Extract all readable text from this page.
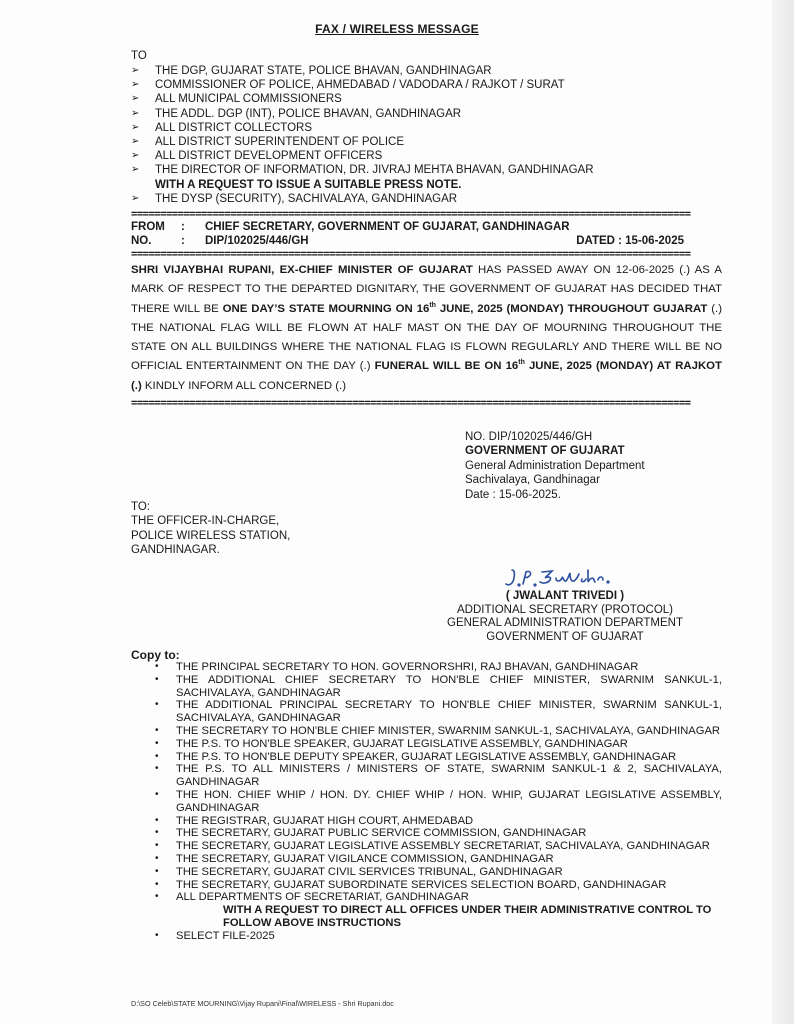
FAX / WIRELESS MESSAGE
TO
➢ THE DGP, GUJARAT STATE, POLICE BHAVAN, GANDHINAGAR
➢ COMMISSIONER OF POLICE, AHMEDABAD / VADODARA / RAJKOT / SURAT
➢ ALL MUNICIPAL COMMISSIONERS
➢ THE ADDL. DGP (INT), POLICE BHAVAN, GANDHINAGAR
➢ ALL DISTRICT COLLECTORS
➢ ALL DISTRICT SUPERINTENDENT OF POLICE
➢ ALL DISTRICT DEVELOPMENT OFFICERS
➢ THE DIRECTOR OF INFORMATION, DR. JIVRAJ MEHTA BHAVAN, GANDHINAGAR
WITH A REQUEST TO ISSUE A SUITABLE PRESS NOTE.
➢ THE DYSP (SECURITY), SACHIVALAYA, GANDHINAGAR
================================================================================================
FROM : CHIEF SECRETARY, GOVERNMENT OF GUJARAT, GANDHINAGAR
NO.	: DIP/102025/446/GH	DATED : 15-06-2025
================================================================================================
SHRI VIJAYBHAI RUPANI, EX-CHIEF MINISTER OF GUJARAT HAS PASSED AWAY ON 12-06-2025 (.) AS A MARK OF RESPECT TO THE DEPARTED DIGNITARY, THE GOVERNMENT OF GUJARAT HAS DECIDED THAT THERE WILL BE ONE DAY’S STATE MOURNING ON 16th JUNE, 2025 (MONDAY) THROUGHOUT GUJARAT (.) THE NATIONAL FLAG WILL BE FLOWN AT HALF MAST ON THE DAY OF MOURNING THROUGHOUT THE STATE ON ALL BUILDINGS WHERE THE NATIONAL FLAG IS FLOWN REGULARLY AND THERE WILL BE NO OFFICIAL ENTERTAINMENT ON THE DAY (.) FUNERAL WILL BE ON 16th JUNE, 2025 (MONDAY) AT RAJKOT (.) KINDLY INFORM ALL CONCERNED (.)
================================================================================================
NO. DIP/102025/446/GH
GOVERNMENT OF GUJARAT
General Administration Department
Sachivalaya, Gandhinagar
Date : 15-06-2025.
TO:
THE OFFICER-IN-CHARGE,
POLICE WIRELESS STATION,
GANDHINAGAR.
( JWALANT TRIVEDI )
ADDITIONAL SECRETARY (PROTOCOL)
GENERAL ADMINISTRATION DEPARTMENT
GOVERNMENT OF GUJARAT
Copy to:
• THE PRINCIPAL SECRETARY TO HON. GOVERNORSHRI, RAJ BHAVAN, GANDHINAGAR
• THE ADDITIONAL CHIEF SECRETARY TO HON'BLE CHIEF MINISTER, SWARNIM SANKUL-1, SACHIVALAYA, GANDHINAGAR
• THE ADDITIONAL PRINCIPAL SECRETARY TO HON'BLE CHIEF MINISTER, SWARNIM SANKUL-1, SACHIVALAYA, GANDHINAGAR
• THE SECRETARY TO HON'BLE CHIEF MINISTER, SWARNIM SANKUL-1, SACHIVALAYA, GANDHINAGAR
• THE P.S. TO HON'BLE SPEAKER, GUJARAT LEGISLATIVE ASSEMBLY, GANDHINAGAR
• THE P.S. TO HON'BLE DEPUTY SPEAKER, GUJARAT LEGISLATIVE ASSEMBLY, GANDHINAGAR
• THE P.S. TO ALL MINISTERS / MINISTERS OF STATE, SWARNIM SANKUL-1 & 2, SACHIVALAYA, GANDHINAGAR
• THE HON. CHIEF WHIP / HON. DY. CHIEF WHIP / HON. WHIP, GUJARAT LEGISLATIVE ASSEMBLY, GANDHINAGAR
• THE REGISTRAR, GUJARAT HIGH COURT, AHMEDABAD
• THE SECRETARY, GUJARAT PUBLIC SERVICE COMMISSION, GANDHINAGAR
• THE SECRETARY, GUJARAT LEGISLATIVE ASSEMBLY SECRETARIAT, SACHIVALAYA, GANDHINAGAR
• THE SECRETARY, GUJARAT VIGILANCE COMMISSION, GANDHINAGAR
• THE SECRETARY, GUJARAT CIVIL SERVICES TRIBUNAL, GANDHINAGAR
• THE SECRETARY, GUJARAT SUBORDINATE SERVICES SELECTION BOARD, GANDHINAGAR
• ALL DEPARTMENTS OF SECRETARIAT, GANDHINAGAR
WITH A REQUEST TO DIRECT ALL OFFICES UNDER THEIR ADMINISTRATIVE CONTROL TO FOLLOW ABOVE INSTRUCTIONS
• SELECT FILE-2025
D:\SO Celeb\STATE MOURNING\Vijay Rupani\Final\WIRELESS - Shri Rupani.doc
